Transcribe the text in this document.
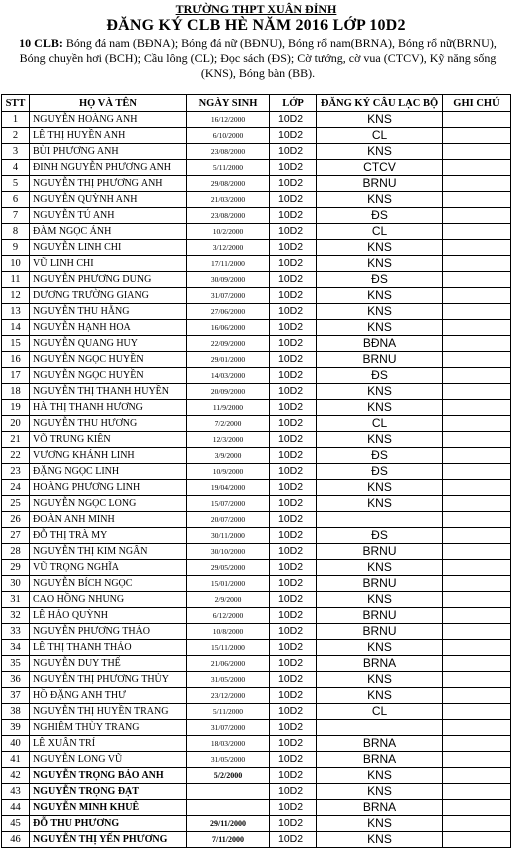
TRƯỜNG THPT XUÂN ĐỈNH
ĐĂNG KÝ CLB HÈ NĂM 2016 LỚP 10D2
10 CLB: Bóng đá nam (BĐNA); Bóng đá nữ (BĐNU), Bóng rổ nam(BRNA), Bóng rổ nữ(BRNU), Bóng chuyền hơi (BCH); Cầu lông (CL); Đọc sách (ĐS); Cờ tướng, cờ vua (CTCV), Kỹ năng sống (KNS), Bóng bàn (BB).
STT	HỌ VÀ TÊN	NGÀY SINH	LỚP	ĐĂNG KÝ CÂU LẠC BỘ	GHI CHÚ
1	NGUYỄN HOÀNG ANH	16/12/2000	10D2	KNS	
2	LÊ THỊ HUYỀN ANH	6/10/2000	10D2	CL	
3	BÙI PHƯƠNG ANH	23/08/2000	10D2	KNS	
4	ĐINH NGUYỄN PHƯƠNG ANH	5/11/2000	10D2	CTCV	
5	NGUYỄN THỊ PHƯƠNG ANH	29/08/2000	10D2	BRNU	
6	NGUYỄN QUỲNH ANH	21/03/2000	10D2	KNS	
7	NGUYỄN TÚ ANH	23/08/2000	10D2	ĐS	
8	ĐÀM NGỌC ÁNH	10/2/2000	10D2	CL	
9	NGUYỄN LINH CHI	3/12/2000	10D2	KNS	
10	VŨ LINH CHI	17/11/2000	10D2	KNS	
11	NGUYỄN PHƯƠNG DUNG	30/09/2000	10D2	ĐS	
12	DƯƠNG TRƯỜNG GIANG	31/07/2000	10D2	KNS	
13	NGUYỄN THU HẰNG	27/06/2000	10D2	KNS	
14	NGUYỄN HẠNH HOA	16/06/2000	10D2	KNS	
15	NGUYỄN QUANG HUY	22/09/2000	10D2	BĐNA	
16	NGUYỄN NGỌC HUYỀN	29/01/2000	10D2	BRNU	
17	NGUYỄN NGỌC HUYỀN	14/03/2000	10D2	ĐS	
18	NGUYỄN THỊ THANH HUYỀN	20/09/2000	10D2	KNS	
19	HÀ THỊ THANH HƯƠNG	11/9/2000	10D2	KNS	
20	NGUYỄN THU HƯƠNG	7/2/2000	10D2	CL	
21	VÕ TRUNG KIÊN	12/3/2000	10D2	KNS	
22	VƯƠNG KHÁNH LINH	3/9/2000	10D2	ĐS	
23	ĐẶNG NGỌC LINH	10/9/2000	10D2	ĐS	
24	HOÀNG PHƯƠNG LINH	19/04/2000	10D2	KNS	
25	NGUYỄN NGỌC LONG	15/07/2000	10D2	KNS	
26	ĐOÀN ANH MINH	20/07/2000	10D2		
27	ĐỖ THỊ TRÀ MY	30/11/2000	10D2	ĐS	
28	NGUYỄN THỊ KIM NGÂN	30/10/2000	10D2	BRNU	
29	VŨ TRỌNG NGHĨA	29/05/2000	10D2	KNS	
30	NGUYỄN BÍCH NGỌC	15/01/2000	10D2	BRNU	
31	CAO HỒNG NHUNG	2/9/2000	10D2	KNS	
32	LÊ HẢO QUỲNH	6/12/2000	10D2	BRNU	
33	NGUYỄN PHƯƠNG THẢO	10/8/2000	10D2	BRNU	
34	LÊ THỊ THANH THẢO	15/11/2000	10D2	KNS	
35	NGUYỄN DUY THẾ	21/06/2000	10D2	BRNA	
36	NGUYỄN THỊ PHƯƠNG THỦY	31/05/2000	10D2	KNS	
37	HỒ ĐẶNG ANH THƯ	23/12/2000	10D2	KNS	
38	NGUYỄN THỊ HUYỀN TRANG	5/11/2000	10D2	CL	
39	NGHIÊM THÙY TRANG	31/07/2000	10D2		
40	LÊ XUÂN TRÍ	18/03/2000	10D2	BRNA	
41	NGUYỄN LONG VŨ	31/05/2000	10D2	BRNA	
42	NGUYỄN TRỌNG BẢO ANH	5/2/2000	10D2	KNS	
43	NGUYỄN TRỌNG ĐẠT		10D2	KNS	
44	NGUYỄN MINH KHUÊ		10D2	BRNA	
45	ĐỖ THU PHƯƠNG	29/11/2000	10D2	KNS	
46	NGUYỄN THỊ YẾN PHƯƠNG	7/11/2000	10D2	KNS	
